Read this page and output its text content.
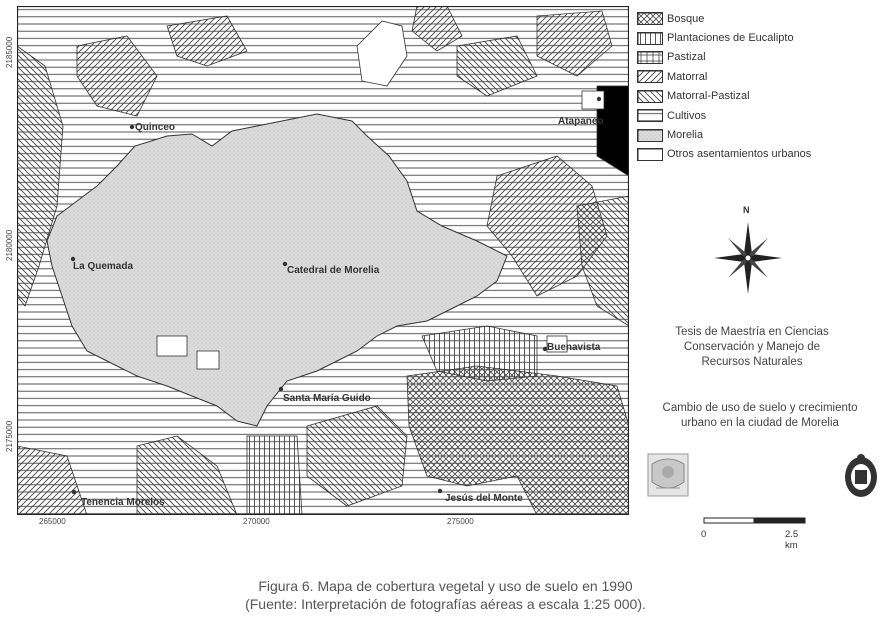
2185000
2180000
2175000
265000	270000	275000
Quinceo
Atapaneo
La Quemada	Catedral de Morelia
Buenavista
Santa María Guido
Tenencia Morelos	Jesús del Monte
Bosque
Plantaciones de Eucalipto
Pastizal
Matorral
Matorral-Pastizal
Cultivos
Morelia
Otros asentamientos urbanos
N
Tesis de Maestría en Ciencias
Conservación y Manejo de
Recursos Naturales
Cambio de uso de suelo y crecimiento
urbano en la ciudad de Morelia
0	2.5 km
Figura 6. Mapa de cobertura vegetal y uso de suelo en 1990
(Fuente: Interpretación de fotografías aéreas a escala 1:25 000).
